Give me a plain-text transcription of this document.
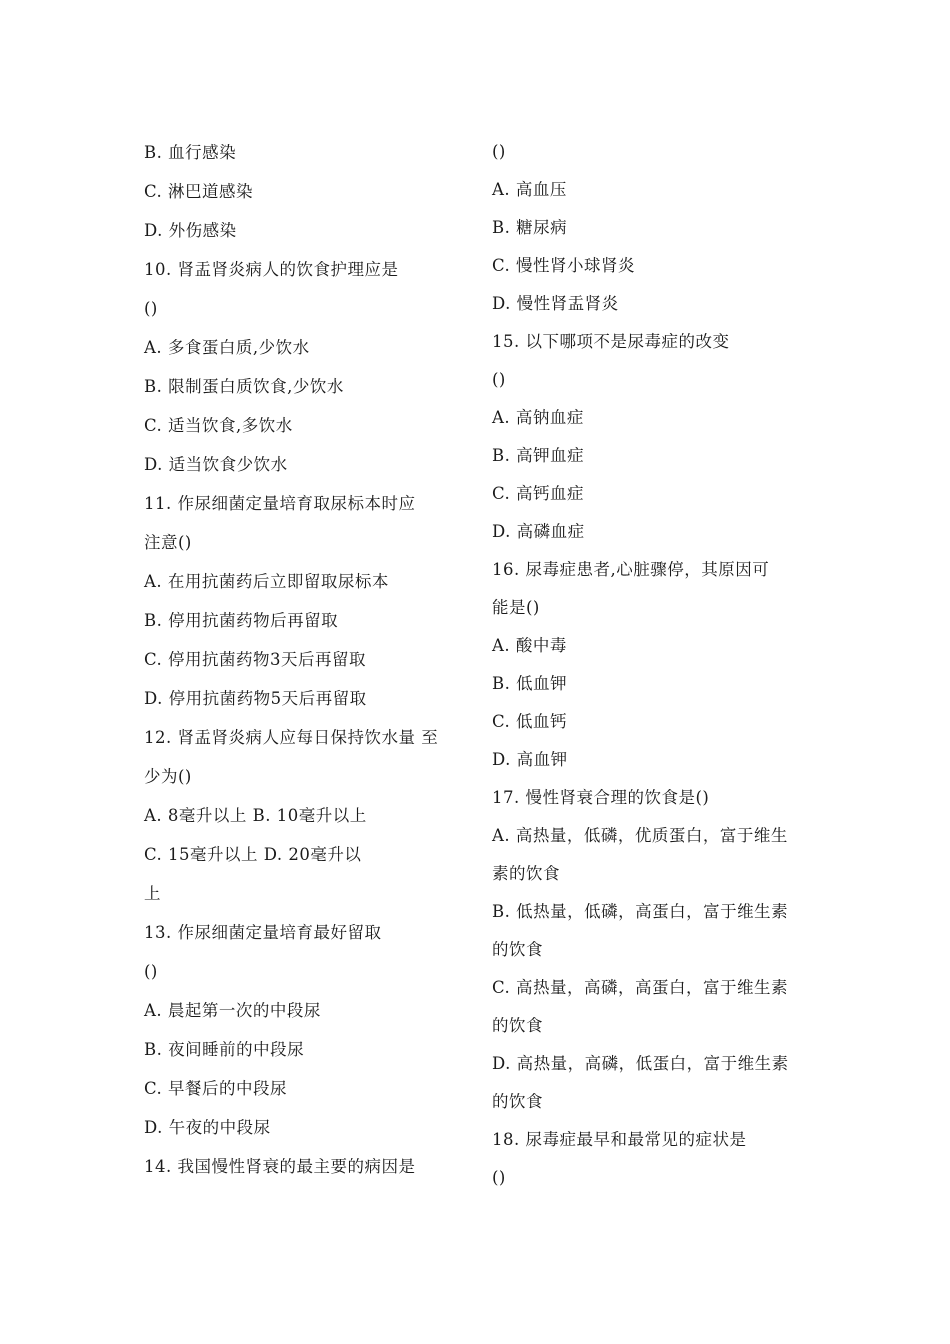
B. 血行感染
C. 淋巴道感染
D. 外伤感染
10. 肾盂肾炎病人的饮食护理应是
()
A. 多食蛋白质,少饮水
B. 限制蛋白质饮食,少饮水
C. 适当饮食,多饮水
D. 适当饮食少饮水
11. 作尿细菌定量培育取尿标本时应
注意()
A. 在用抗菌药后立即留取尿标本
B. 停用抗菌药物后再留取
C. 停用抗菌药物3天后再留取
D. 停用抗菌药物5天后再留取
12. 肾盂肾炎病人应每日保持饮水量 至
少为()
A. 8毫升以上 B. 10毫升以上
C. 15毫升以上 D. 20毫升以
上
13. 作尿细菌定量培育最好留取
()
A. 晨起第一次的中段尿
B. 夜间睡前的中段尿
C. 早餐后的中段尿
D. 午夜的中段尿
14. 我国慢性肾衰的最主要的病因是
()
A. 高血压
B. 糖尿病
C. 慢性肾小球肾炎
D. 慢性肾盂肾炎
15. 以下哪项不是尿毒症的改变
()
A. 高钠血症
B. 高钾血症
C. 高钙血症
D. 高磷血症
16. 尿毒症患者,心脏骤停，其原因可
能是()
A. 酸中毒
B. 低血钾
C. 低血钙
D. 高血钾
17. 慢性肾衰合理的饮食是()
A. 高热量，低磷，优质蛋白，富于维生
素的饮食
B. 低热量，低磷，高蛋白，富于维生素
的饮食
C. 高热量，高磷，高蛋白，富于维生素
的饮食
D. 高热量，高磷，低蛋白，富于维生素
的饮食
18. 尿毒症最早和最常见的症状是
()
